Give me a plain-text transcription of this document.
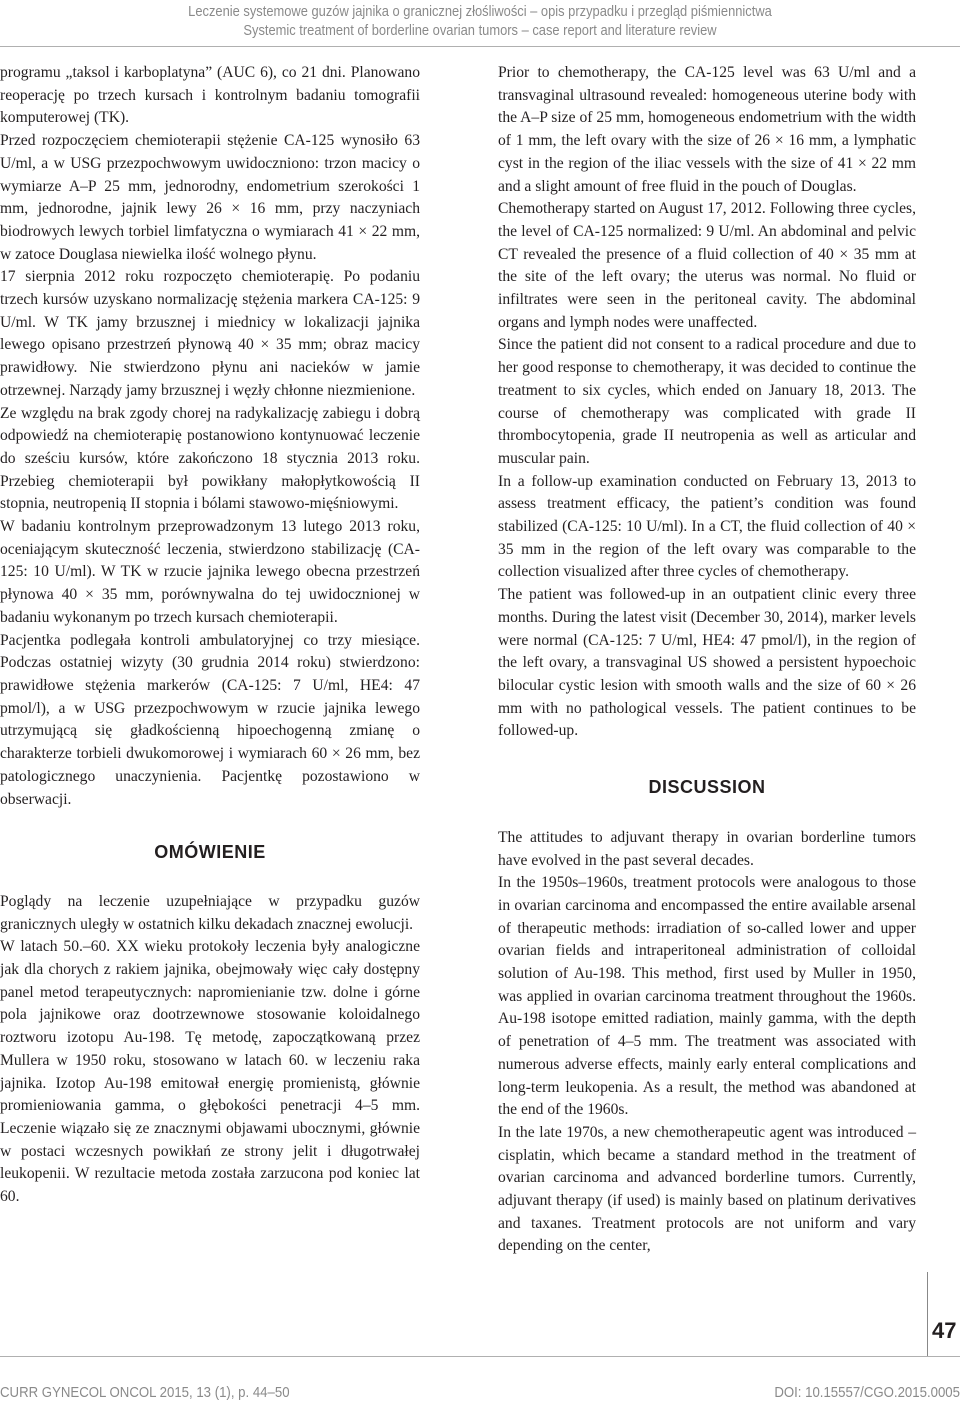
Leczenie systemowe guzów jajnika o granicznej złośliwości – opis przypadku i przegląd piśmiennictwa
Systemic treatment of borderline ovarian tumors – case report and literature review

programu „taksol i karboplatyna” (AUC 6), co 21 dni. Planowano reoperację po trzech kursach i kontrolnym badaniu tomografii komputerowej (TK).

Przed rozpoczęciem chemioterapii stężenie CA-125 wynosiło 63 U/ml, a w USG przezpochwowym uwidoczniono: trzon macicy o wymiarze A–P 25 mm, jednorodny, endometrium szerokości 1 mm, jednorodne, jajnik lewy 26 × 16 mm, przy naczyniach biodrowych lewych torbiel limfatyczna o wymiarach 41 × 22 mm, w zatoce Douglasa niewielka ilość wolnego płynu.

17 sierpnia 2012 roku rozpoczęto chemioterapię. Po podaniu trzech kursów uzyskano normalizację stężenia markera CA-125: 9 U/ml. W TK jamy brzusznej i miednicy w lokalizacji jajnika lewego opisano przestrzeń płynową 40 × 35 mm; obraz macicy prawidłowy. Nie stwierdzono płynu ani nacieków w jamie otrzewnej. Narządy jamy brzusznej i węzły chłonne niezmienione.

Ze względu na brak zgody chorej na radykalizację zabiegu i dobrą odpowiedź na chemioterapię postanowiono kontynuować leczenie do sześciu kursów, które zakończono 18 stycznia 2013 roku. Przebieg chemioterapii był powikłany małopłytkowością II stopnia, neutropenią II stopnia i bólami stawowo-mięśniowymi.

W badaniu kontrolnym przeprowadzonym 13 lutego 2013 roku, oceniającym skuteczność leczenia, stwierdzono stabilizację (CA-125: 10 U/ml). W TK w rzucie jajnika lewego obecna przestrzeń płynowa 40 × 35 mm, porównywalna do tej uwidocznionej w badaniu wykonanym po trzech kursach chemioterapii.

Pacjentka podlegała kontroli ambulatoryjnej co trzy miesiące. Podczas ostatniej wizyty (30 grudnia 2014 roku) stwierdzono: prawidłowe stężenia markerów (CA-125: 7 U/ml, HE4: 47 pmol/l), a w USG przezpochwowym w rzucie jajnika lewego utrzymującą się gładkościenną hipoechogenną zmianę o charakterze torbieli dwukomorowej i wymiarach 60 × 26 mm, bez patologicznego unaczynienia. Pacjentkę pozostawiono w obserwacji.

OMÓWIENIE

Poglądy na leczenie uzupełniające w przypadku guzów granicznych uległy w ostatnich kilku dekadach znacznej ewolucji.

W latach 50.–60. XX wieku protokoły leczenia były analogiczne jak dla chorych z rakiem jajnika, obejmowały więc cały dostępny panel metod terapeutycznych: napromienianie tzw. dolne i górne pola jajnikowe oraz dootrzewnowe stosowanie koloidalnego roztworu izotopu Au-198. Tę metodę, zapoczątkowaną przez Mullera w 1950 roku, stosowano w latach 60. w leczeniu raka jajnika. Izotop Au-198 emitował energię promienistą, głównie promieniowania gamma, o głębokości penetracji 4–5 mm. Leczenie wiązało się ze znacznymi objawami ubocznymi, głównie w postaci wczesnych powikłań ze strony jelit i długotrwałej leukopenii. W rezultacie metoda została zarzucona pod koniec lat 60.

Prior to chemotherapy, the CA-125 level was 63 U/ml and a transvaginal ultrasound revealed: homogeneous uterine body with the A–P size of 25 mm, homogeneous endometrium with the width of 1 mm, the left ovary with the size of 26 × 16 mm, a lymphatic cyst in the region of the iliac vessels with the size of 41 × 22 mm and a slight amount of free fluid in the pouch of Douglas.

Chemotherapy started on August 17, 2012. Following three cycles, the level of CA-125 normalized: 9 U/ml. An abdominal and pelvic CT revealed the presence of a fluid collection of 40 × 35 mm at the site of the left ovary; the uterus was normal. No fluid or infiltrates were seen in the peritoneal cavity. The abdominal organs and lymph nodes were unaffected.

Since the patient did not consent to a radical procedure and due to her good response to chemotherapy, it was decided to continue the treatment to six cycles, which ended on January 18, 2013. The course of chemotherapy was complicated with grade II thrombocytopenia, grade II neutropenia as well as articular and muscular pain.

In a follow-up examination conducted on February 13, 2013 to assess treatment efficacy, the patient’s condition was found stabilized (CA-125: 10 U/ml). In a CT, the fluid collection of 40 × 35 mm in the region of the left ovary was comparable to the collection visualized after three cycles of chemotherapy.

The patient was followed-up in an outpatient clinic every three months. During the latest visit (December 30, 2014), marker levels were normal (CA-125: 7 U/ml, HE4: 47 pmol/l), in the region of the left ovary, a transvaginal US showed a persistent hypoechoic bilocular cystic lesion with smooth walls and the size of 60 × 26 mm with no pathological vessels. The patient continues to be followed-up.

DISCUSSION

The attitudes to adjuvant therapy in ovarian borderline tumors have evolved in the past several decades.

In the 1950s–1960s, treatment protocols were analogous to those in ovarian carcinoma and encompassed the entire available arsenal of therapeutic methods: irradiation of so-called lower and upper ovarian fields and intraperitoneal administration of colloidal solution of Au-198. This method, first used by Muller in 1950, was applied in ovarian carcinoma treatment throughout the 1960s. Au-198 isotope emitted radiation, mainly gamma, with the depth of penetration of 4–5 mm. The treatment was associated with numerous adverse effects, mainly early enteral complications and long-term leukopenia. As a result, the method was abandoned at the end of the 1960s.

In the late 1970s, a new chemotherapeutic agent was introduced – cisplatin, which became a standard method in the treatment of ovarian carcinoma and advanced borderline tumors. Currently, adjuvant therapy (if used) is mainly based on platinum derivatives and taxanes. Treatment protocols are not uniform and vary depending on the center,

47
CURR GYNECOL ONCOL 2015, 13 (1), p. 44–50	DOI: 10.15557/CGO.2015.0005
